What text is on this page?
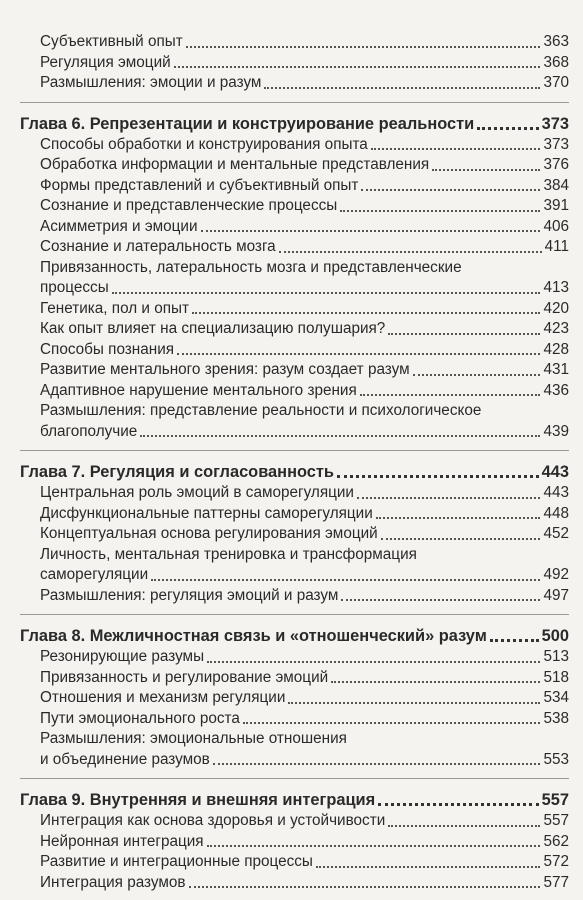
Субъективный опыт	363
Регуляция эмоций	368
Размышления: эмоции и разум	370
Глава 6. Репрезентации и конструирование реальности	373
Способы обработки и конструирования опыта	373
Обработка информации и ментальные представления	376
Формы представлений и субъективный опыт	384
Сознание и представленческие процессы	391
Асимметрия и эмоции	406
Сознание и латеральность мозга	411
Привязанность, латеральность мозга и представленческие
процессы	413
Генетика, пол и опыт	420
Как опыт влияет на специализацию полушария?	423
Способы познания	428
Развитие ментального зрения: разум создает разум	431
Адаптивное нарушение ментального зрения	436
Размышления: представление реальности и психологическое
благополучие	439
Глава 7. Регуляция и согласованность	443
Центральная роль эмоций в саморегуляции	443
Дисфункциональные паттерны саморегуляции	448
Концептуальная основа регулирования эмоций	452
Личность, ментальная тренировка и трансформация
саморегуляции	492
Размышления: регуляция эмоций и разум	497
Глава 8. Межличностная связь и «отношенческий» разум	500
Резонирующие разумы	513
Привязанность и регулирование эмоций	518
Отношения и механизм регуляции	534
Пути эмоционального роста	538
Размышления: эмоциональные отношения
и объединение разумов	553
Глава 9. Внутренняя и внешняя интеграция	557
Интеграция как основа здоровья и устойчивости	557
Нейронная интеграция	562
Развитие и интеграционные процессы	572
Интеграция разумов	577
